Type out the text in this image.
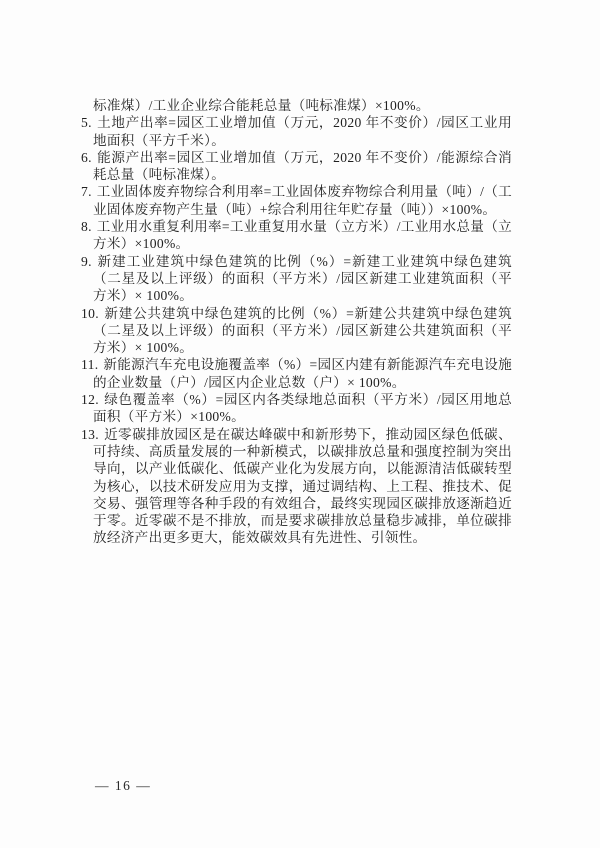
标准煤）/工业企业综合能耗总量（吨标准煤）×100%。

5. 土地产出率=园区工业增加值（万元，2020 年不变价）/园区工业用地面积（平方千米）。

6. 能源产出率=园区工业增加值（万元，2020 年不变价）/能源综合消耗总量（吨标准煤）。

7. 工业固体废弃物综合利用率=工业固体废弃物综合利用量（吨）/（工业固体废弃物产生量（吨）+综合利用往年贮存量（吨））×100%。

8. 工业用水重复利用率=工业重复用水量（立方米）/工业用水总量（立方米）×100%。

9. 新建工业建筑中绿色建筑的比例（%）=新建工业建筑中绿色建筑（二星及以上评级）的面积（平方米）/园区新建工业建筑面积（平方米）× 100%。

10. 新建公共建筑中绿色建筑的比例（%）=新建公共建筑中绿色建筑（二星及以上评级）的面积（平方米）/园区新建公共建筑面积（平方米）× 100%。

11. 新能源汽车充电设施覆盖率（%）=园区内建有新能源汽车充电设施的企业数量（户）/园区内企业总数（户）× 100%。

12. 绿色覆盖率（%）=园区内各类绿地总面积（平方米）/园区用地总面积（平方米）×100%。

13. 近零碳排放园区是在碳达峰碳中和新形势下，推动园区绿色低碳、可持续、高质量发展的一种新模式，以碳排放总量和强度控制为突出导向，以产业低碳化、低碳产业化为发展方向，以能源清洁低碳转型为核心，以技术研发应用为支撑，通过调结构、上工程、推技术、促交易、强管理等各种手段的有效组合，最终实现园区碳排放逐渐趋近于零。近零碳不是不排放，而是要求碳排放总量稳步减排，单位碳排放经济产出更多更大，能效碳效具有先进性、引领性。

— 16 —
